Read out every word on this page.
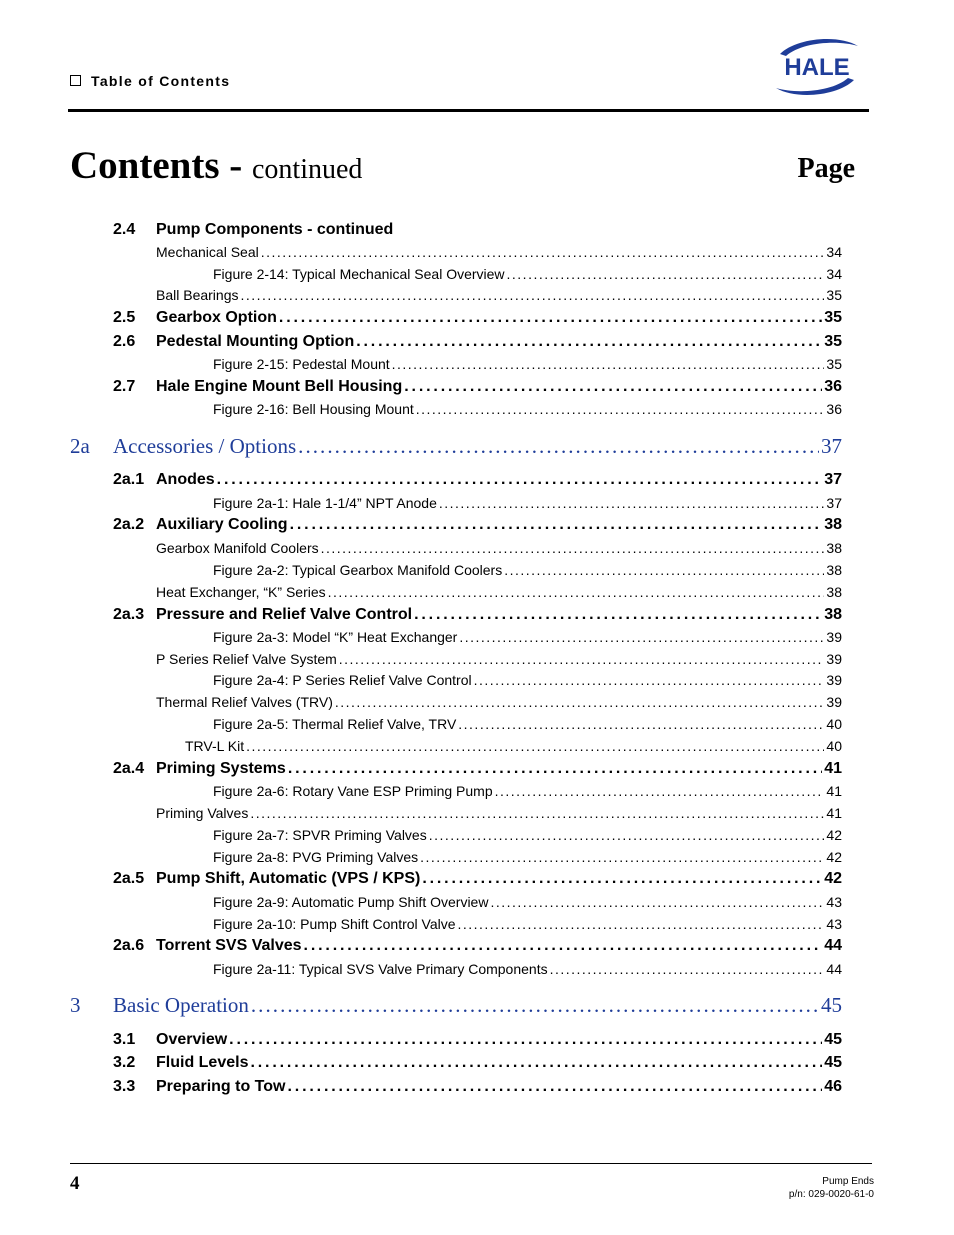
Table of Contents	HALE
Contents - continued	Page
2.4 Pump Components - continued
Mechanical Seal . . .	34
Figure 2-14: Typical Mechanical Seal Overview . . .	34
Ball Bearings . . .	35
2.5 Gearbox Option . . .	35
2.6 Pedestal Mounting Option . . .	35
Figure 2-15: Pedestal Mount . . .	35
2.7 Hale Engine Mount Bell Housing . . .	36
Figure 2-16: Bell Housing Mount . . .	36
2a Accessories / Options . . .	37
2a.1 Anodes . . .	37
Figure 2a-1: Hale 1-1/4” NPT Anode . . .	37
2a.2 Auxiliary Cooling . . .	38
Gearbox Manifold Coolers . . .	38
Figure 2a-2: Typical Gearbox Manifold Coolers . . .	38
Heat Exchanger, “K” Series . . .	38
2a.3 Pressure and Relief Valve Control . . .	38
Figure 2a-3: Model “K” Heat Exchanger . . .	39
P Series Relief Valve System . . .	39
Figure 2a-4: P Series Relief Valve Control . . .	39
Thermal Relief Valves (TRV) . . .	39
Figure 2a-5: Thermal Relief Valve, TRV . . .	40
TRV-L Kit . . .	40
2a.4 Priming Systems . . .	41
Figure 2a-6: Rotary Vane ESP Priming Pump . . .	41
Priming Valves . . .	41
Figure 2a-7: SPVR Priming Valves . . .	42
Figure 2a-8: PVG Priming Valves . . .	42
2a.5 Pump Shift, Automatic (VPS / KPS) . . .	42
Figure 2a-9: Automatic Pump Shift Overview . . .	43
Figure 2a-10: Pump Shift Control Valve . . .	43
2a.6 Torrent SVS Valves . . .	44
Figure 2a-11: Typical SVS Valve Primary Components . . .	44
3 Basic Operation . . .	45
3.1 Overview . . .	45
3.2 Fluid Levels . . .	45
3.3 Preparing to Tow . . .	46
4	Pump Ends
p/n: 029-0020-61-0
